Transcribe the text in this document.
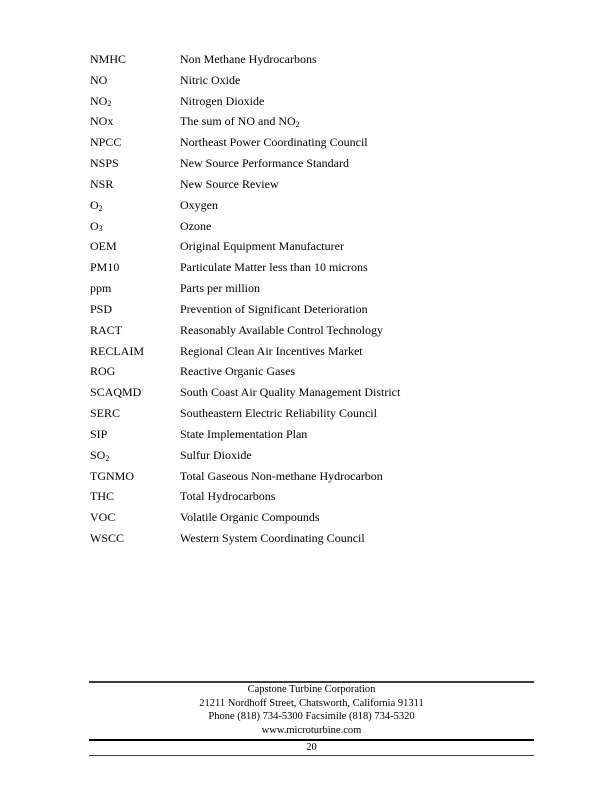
NMHC	Non Methane Hydrocarbons
NO	Nitric Oxide
$NO_2$	Nitrogen Dioxide
NOx	The sum of NO and $NO_2$
NPCC	Northeast Power Coordinating Council
NSPS	New Source Performance Standard
NSR	New Source Review
$O_2$	Oxygen
$O_3$	Ozone
OEM	Original Equipment Manufacturer
PM10	Particulate Matter less than 10 microns
ppm	Parts per million
PSD	Prevention of Significant Deterioration
RACT	Reasonably Available Control Technology
RECLAIM	Regional Clean Air Incentives Market
ROG	Reactive Organic Gases
SCAQMD	South Coast Air Quality Management District
SERC	Southeastern Electric Reliability Council
SIP	State Implementation Plan
$SO_2$	Sulfur Dioxide
TGNMO	Total Gaseous Non-methane Hydrocarbon
THC	Total Hydrocarbons
VOC	Volatile Organic Compounds
WSCC	Western System Coordinating Council
Capstone Turbine Corporation
21211 Nordhoff Street, Chatsworth, California 91311
Phone (818) 734-5300 Facsimile (818) 734-5320
www.microturbine.com
20
